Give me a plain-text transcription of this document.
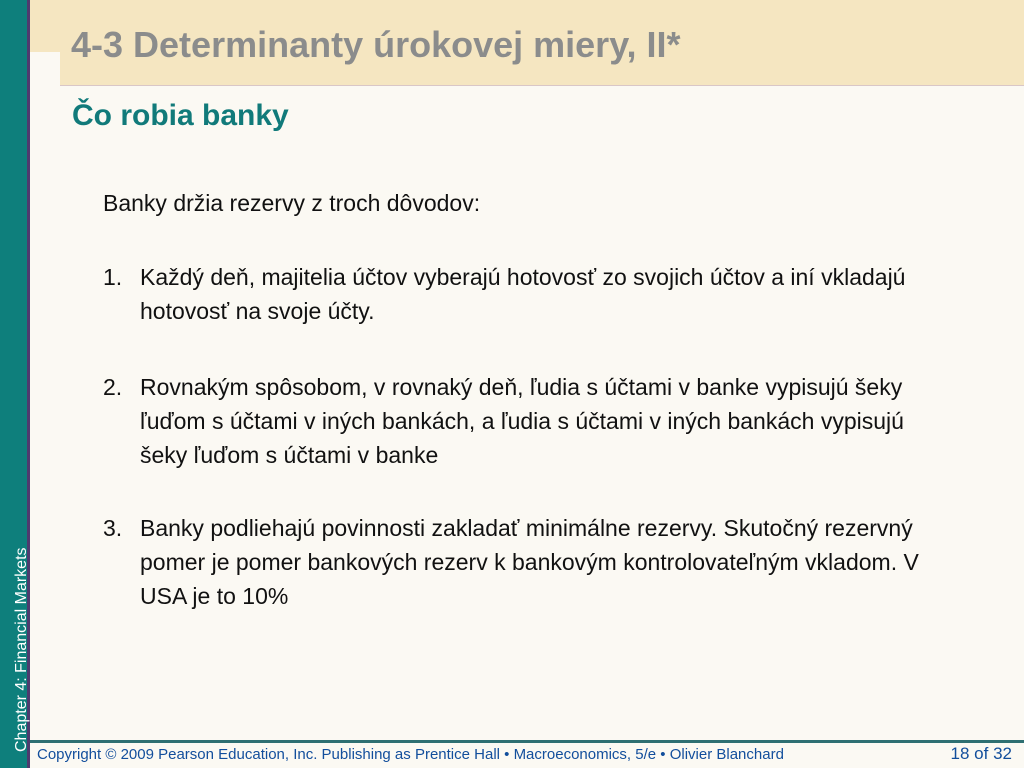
Chapter 4: Financial Markets
4-3 Determinanty úrokovej miery, II*
Čo robia banky

Banky držia rezervy z troch dôvodov:

1. Každý deň, majitelia účtov vyberajú hotovosť zo svojich účtov a iní vkladajú hotovosť na svoje účty.
2. Rovnakým spôsobom, v rovnaký deň, ľudia s účtami v banke vypisujú šeky ľuďom s účtami v iných bankách, a ľudia s účtami v iných bankách vypisujú šeky ľuďom s účtami v banke
3. Banky podliehajú povinnosti zakladať minimálne rezervy. Skutočný rezervný pomer je pomer bankových rezerv k bankovým kontrolovateľným vkladom. V USA je to 10%
Copyright © 2009 Pearson Education, Inc. Publishing as Prentice Hall • Macroeconomics, 5/e • Olivier Blanchard	18 of 32
